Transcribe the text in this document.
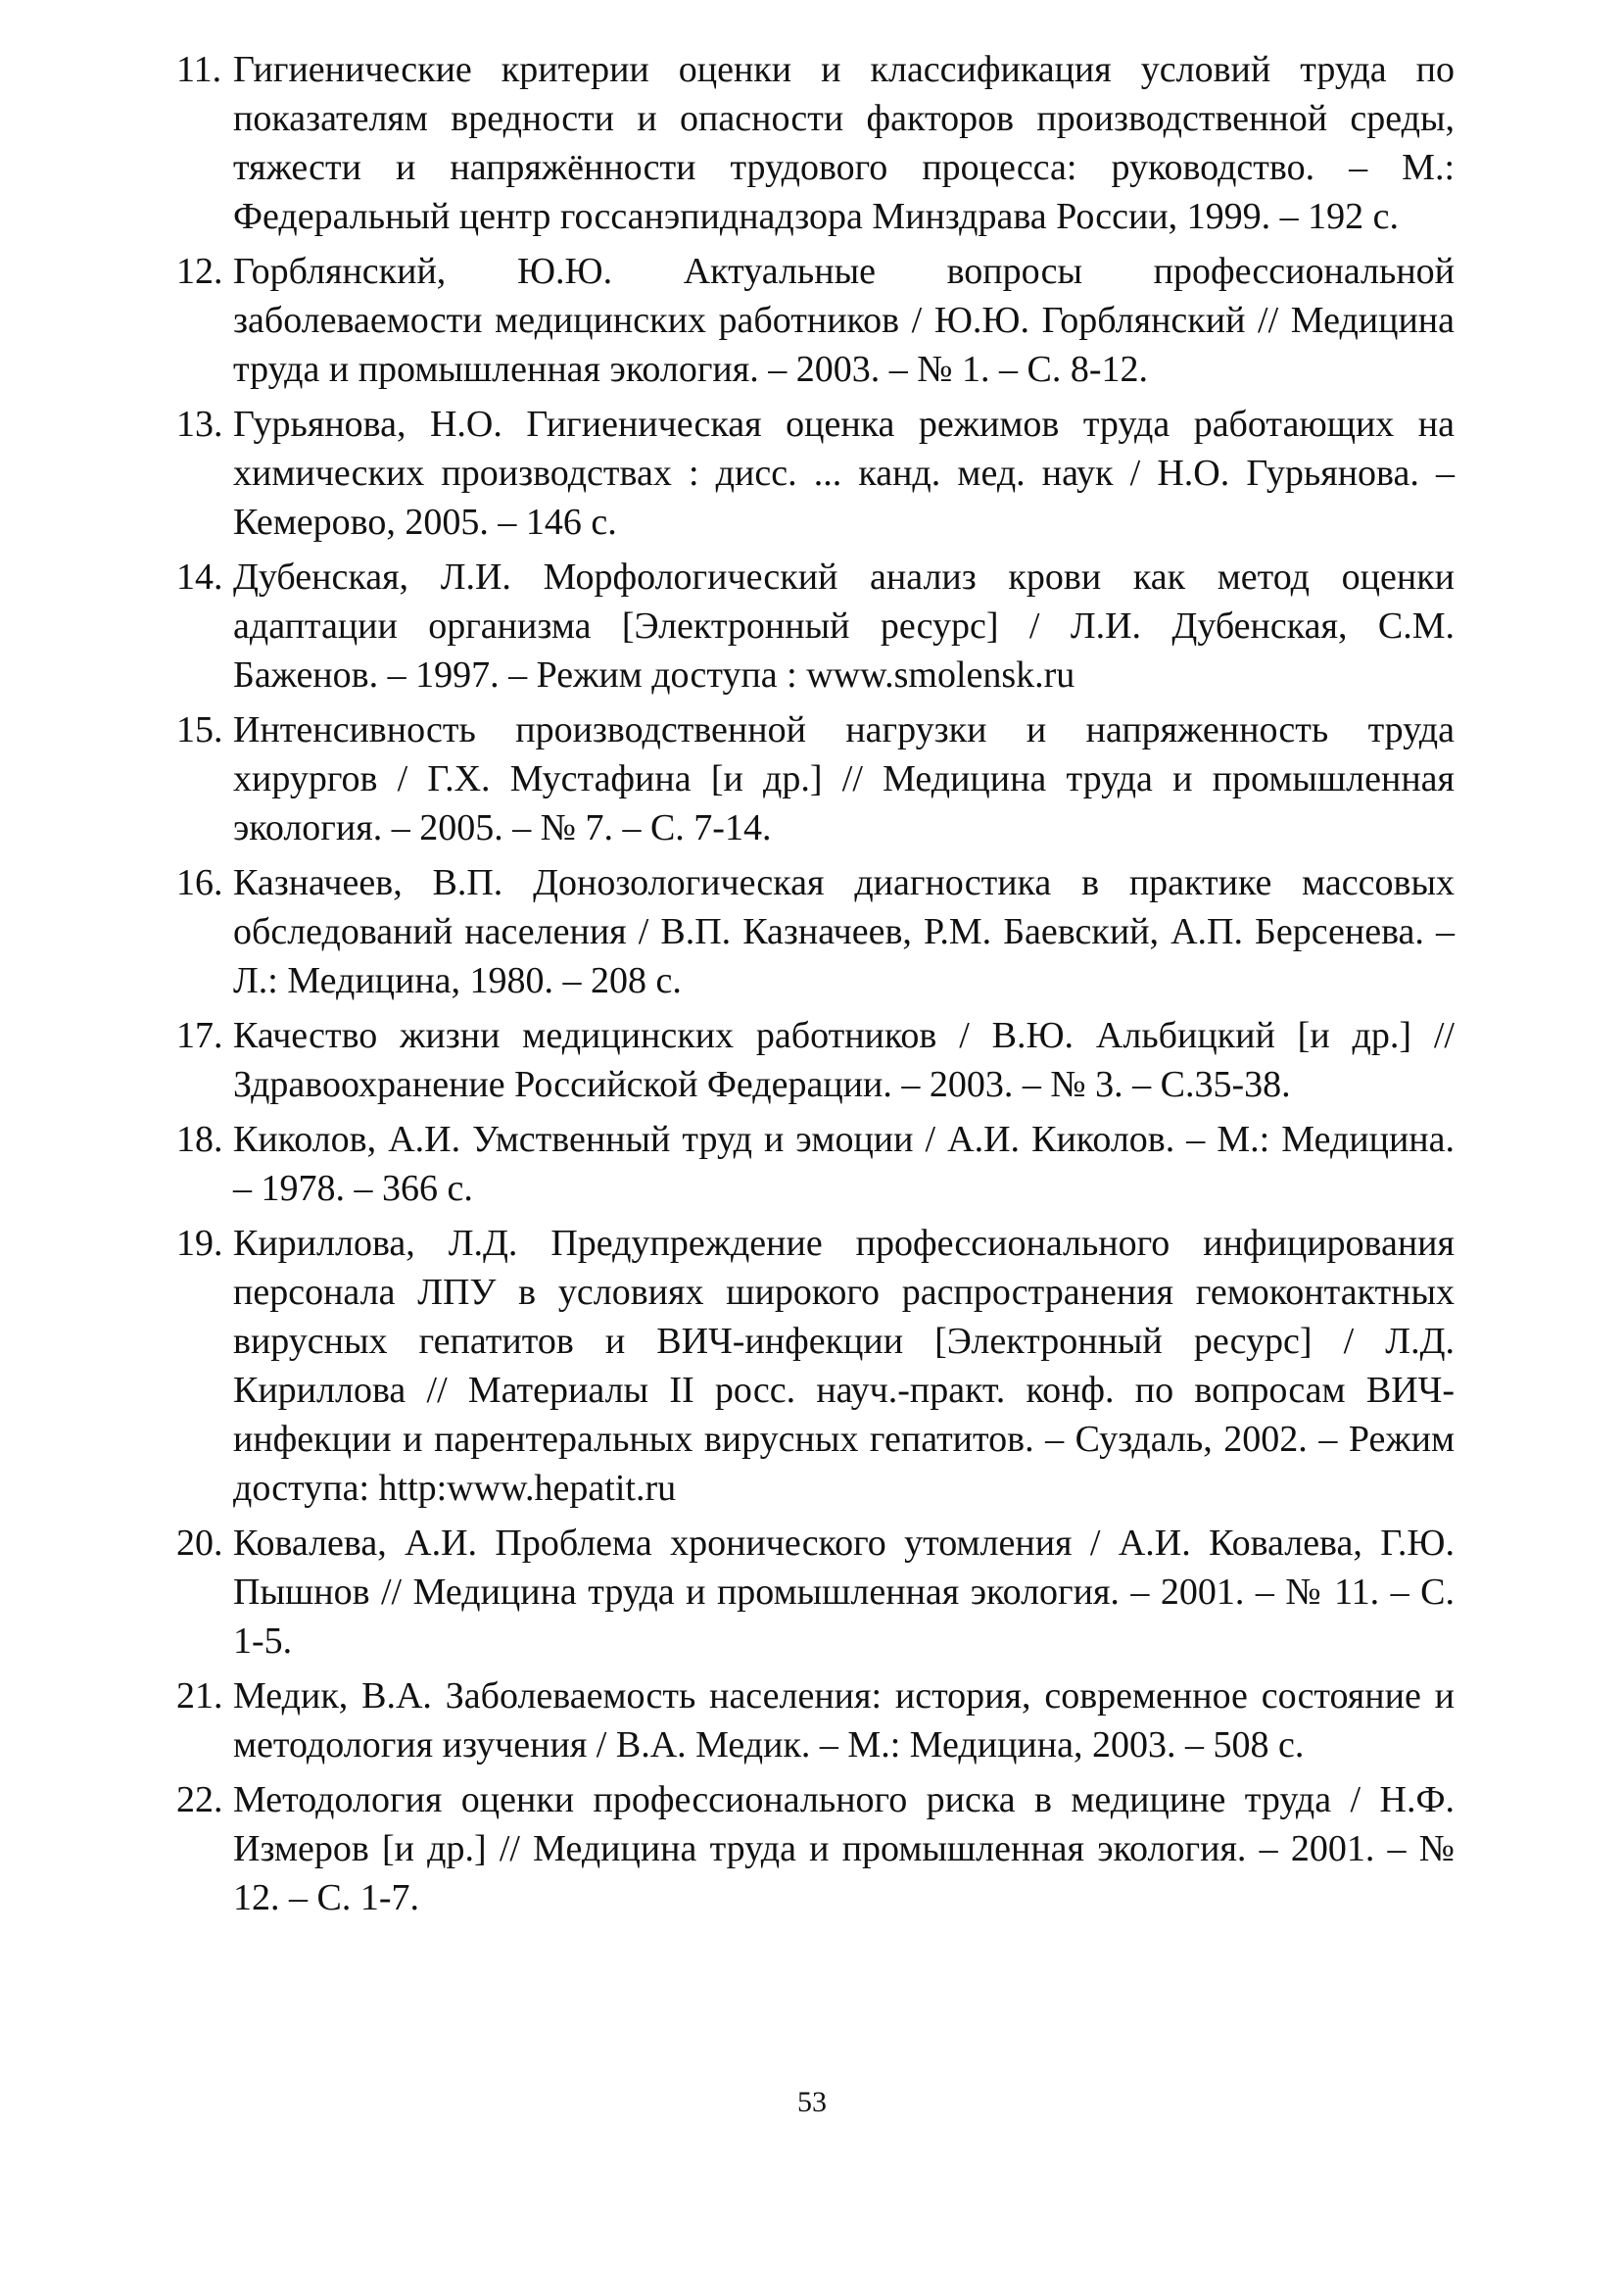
11. Гигиенические критерии оценки и классификация условий труда по показателям вредности и опасности факторов производственной среды, тяжести и напряжённости трудового процесса: руководство. – М.: Федеральный центр госсанэпиднадзора Минздрава России, 1999. – 192 с.
12. Горблянский, Ю.Ю. Актуальные вопросы профессиональной заболеваемости медицинских работников / Ю.Ю. Горблянский // Медицина труда и промышленная экология. – 2003. – № 1. – С. 8-12.
13. Гурьянова, Н.О. Гигиеническая оценка режимов труда работающих на химических производствах : дисс. ... канд. мед. наук / Н.О. Гурьянова. – Кемерово, 2005. – 146 с.
14. Дубенская, Л.И. Морфологический анализ крови как метод оценки адаптации организма [Электронный ресурс] / Л.И. Дубенская, С.М. Баженов. – 1997. – Режим доступа : www.smolensk.ru
15. Интенсивность производственной нагрузки и напряженность труда хирургов / Г.Х. Мустафина [и др.] // Медицина труда и промышленная экология. – 2005. – № 7. – С. 7-14.
16. Казначеев, В.П. Донозологическая диагностика в практике массовых обследований населения / В.П. Казначеев, Р.М. Баевский, А.П. Берсенева. – Л.: Медицина, 1980. – 208 с.
17. Качество жизни медицинских работников / В.Ю. Альбицкий [и др.] // Здравоохранение Российской Федерации. – 2003. – № 3. – С.35-38.
18. Киколов, А.И. Умственный труд и эмоции / А.И. Киколов. – М.: Медицина. – 1978. – 366 с.
19. Кириллова, Л.Д. Предупреждение профессионального инфицирования персонала ЛПУ в условиях широкого распространения гемоконтактных вирусных гепатитов и ВИЧ-инфекции [Электронный ресурс] / Л.Д. Кириллова // Материалы II росс. науч.-практ. конф. по вопросам ВИЧ-инфекции и парентеральных вирусных гепатитов. – Суздаль, 2002. – Режим доступа: http:www.hepatit.ru
20. Ковалева, А.И. Проблема хронического утомления / А.И. Ковалева, Г.Ю. Пышнов // Медицина труда и промышленная экология. – 2001. – № 11. – С. 1-5.
21. Медик, В.А. Заболеваемость населения: история, современное состояние и методология изучения / В.А. Медик. – М.: Медицина, 2003. – 508 с.
22. Методология оценки профессионального риска в медицине труда / Н.Ф. Измеров [и др.] // Медицина труда и промышленная экология. – 2001. – № 12. – С. 1-7.
53
